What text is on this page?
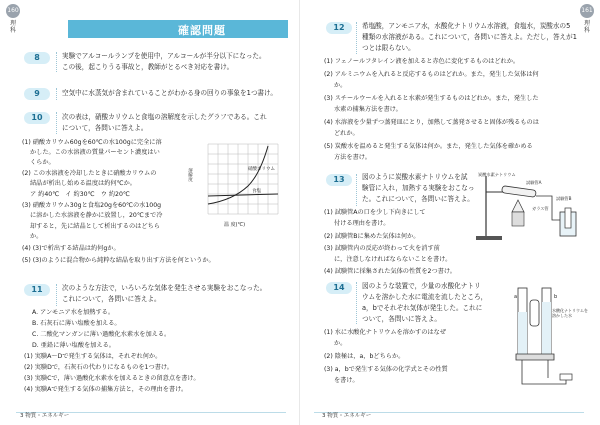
160
理科	確認問題
8	実験でアルコールランプを使用中，アルコールが半分以下になった。
この後，起こりうる事故と，教師がとるべき対応を書け。
9	空気中に水蒸気が含まれていることがわかる身の回りの事象を1つ書け。
10	次の表は，硝酸カリウムと食塩の溶解度を示したグラフである。これ
について，各問いに答えよ。
(1) 硝酸カリウム60gを60℃の水100gに完全に溶
かした。この水溶液の質量パーセント濃度はい
くらか。
(2) この水溶液を冷却したときに硝酸カリウムの
結晶が析出し始める温度は約何℃か。
ア 約40℃　イ 約30℃　ウ 約20℃
(3) 硝酸カリウム30gと食塩20gを60℃の水100g
に溶かした水溶液を静かに放置し，20℃まで冷
却すると，先に結晶として析出するのはどちら
か。
(4) (3)で析出する結晶は約何gか。
(5) (3)のように混合物から純粋な結晶を取り出す方法を何というか。
硝酸カリウム
食塩
溶解度
温 度(℃)
11	次のような方法で，いろいろな気体を発生させる実験をおこなった。
これについて，各問いに答えよ。
A. アンモニア水を加熱する。
B. 石灰石に薄い塩酸を加える。
C. 二酸化マンガンに薄い過酸化水素水を加える。
D. 亜鉛に薄い塩酸を加える。
(1) 実験A～Dで発生する気体は，それぞれ何か。
(2) 実験Dで，石灰石の代わりになるものを1つ書け。
(3) 実験Cで，薄い過酸化水素水を加えるときの留意点を書け。
(4) 実験Aで発生する気体の捕集方法と，その理由を書け。
3 物質・エネルギー
161
理科
12	希塩酸，アンモニア水，水酸化ナトリウム水溶液，食塩水，炭酸水の5
種類の水溶液がある。これについて，各問いに答えよ。ただし，答えが1
つとは限らない。
(1) フェノールフタレイン液を加えると赤色に変化するものはどれか。
(2) アルミニウムを入れると反応するものはどれか。また，発生した気体は何
か。
(3) スチールウールを入れると水素が発生するものはどれか。また，発生した
水素の捕集方法を書け。
(4) 水溶液を少量ずつ蒸発皿にとり，加熱して蒸発させると固体が残るものは
どれか。
(5) 炭酸水を温めると発生する気体は何か。また，発生した気体を確かめる
方法を書け。
13	図のように炭酸水素ナトリウムを試
験管に入れ，加熱する実験をおこなっ
た。これについて，各問いに答えよ。
(1) 試験管Aの口を少し下向きにして
付ける理由を書け。
(2) 試験管Bに集めた気体は何か。
(3) 試験管内の反応が終わって火を消す前
に，注意しなければならないことを書け。
(4) 試験管に採集された気体の性質を2つ書け。
炭酸水素ナトリウム
試験管A
試験管B
ガラス管
14	図のような装置で，少量の水酸化ナトリ
ウムを溶かした水に電流を流したところ，
a，bでそれぞれ気体が発生した。これに
ついて，各問いに答えよ。
(1) 水に水酸化ナトリウムを溶かすのはなぜ
か。
(2) 陰極は，a，bどちらか。
(3) a，bで発生する気体の化学式とその性質
を書け。
a	b
水酸化ナトリウムを溶かした水
3 物質・エネルギー
